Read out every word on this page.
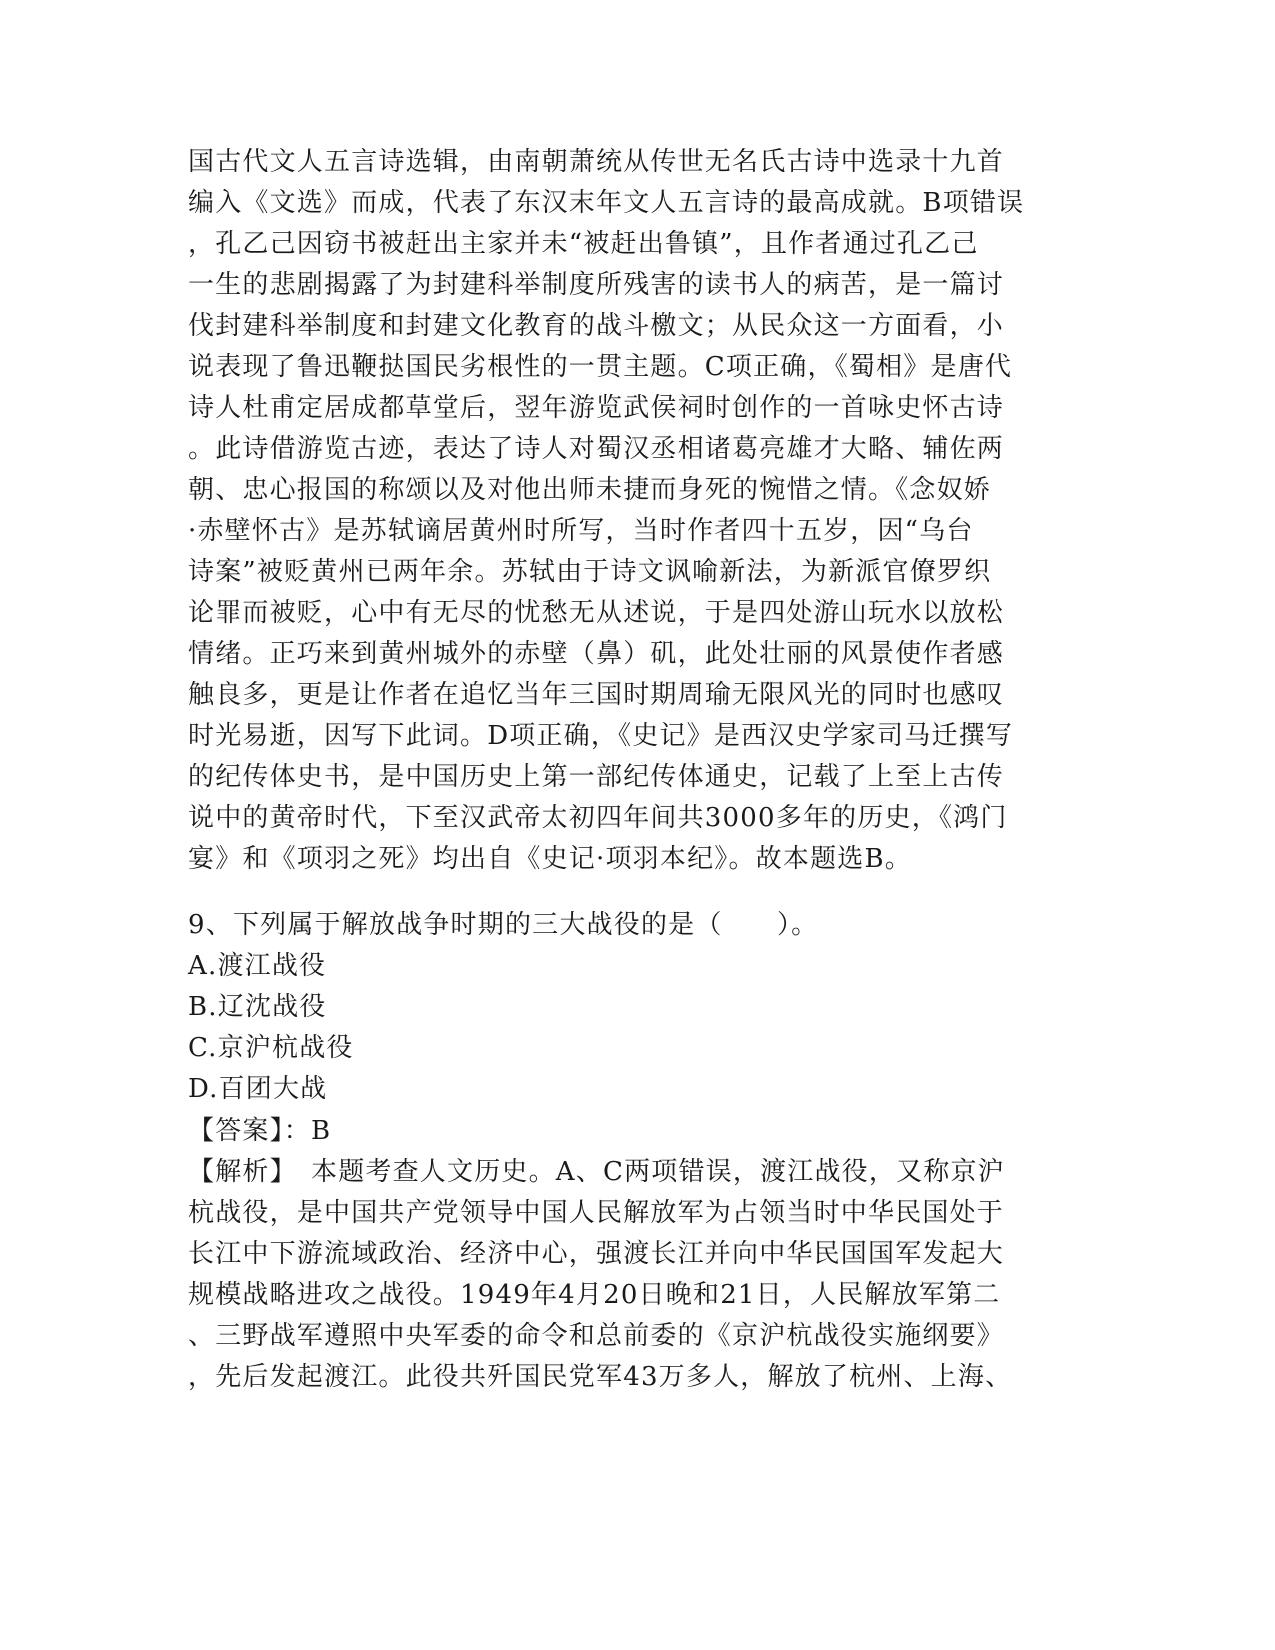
国古代文人五言诗选辑，由南朝萧统从传世无名氏古诗中选录十九首
编入《文选》而成，代表了东汉末年文人五言诗的最高成就。B项错误
，孔乙己因窃书被赶出主家并未“被赶出鲁镇”，且作者通过孔乙己
一生的悲剧揭露了为封建科举制度所残害的读书人的病苦，是一篇讨
伐封建科举制度和封建文化教育的战斗檄文；从民众这一方面看，小
说表现了鲁迅鞭挞国民劣根性的一贯主题。C项正确，《蜀相》是唐代
诗人杜甫定居成都草堂后，翌年游览武侯祠时创作的一首咏史怀古诗
。此诗借游览古迹，表达了诗人对蜀汉丞相诸葛亮雄才大略、辅佐两
朝、忠心报国的称颂以及对他出师未捷而身死的惋惜之情。《念奴娇
·赤壁怀古》是苏轼谪居黄州时所写，当时作者四十五岁，因“乌台
诗案”被贬黄州已两年余。苏轼由于诗文讽喻新法，为新派官僚罗织
论罪而被贬，心中有无尽的忧愁无从述说，于是四处游山玩水以放松
情绪。正巧来到黄州城外的赤壁（鼻）矶，此处壮丽的风景使作者感
触良多，更是让作者在追忆当年三国时期周瑜无限风光的同时也感叹
时光易逝，因写下此词。D项正确，《史记》是西汉史学家司马迁撰写
的纪传体史书，是中国历史上第一部纪传体通史，记载了上至上古传
说中的黄帝时代，下至汉武帝太初四年间共3000多年的历史，《鸿门
宴》和《项羽之死》均出自《史记·项羽本纪》。故本题选B。
9、下列属于解放战争时期的三大战役的是（　　）。
A.渡江战役
B.辽沈战役
C.京沪杭战役
D.百团大战
【答案】：B
【解析】　本题考查人文历史。A、C两项错误，渡江战役，又称京沪
杭战役，是中国共产党领导中国人民解放军为占领当时中华民国处于
长江中下游流域政治、经济中心，强渡长江并向中华民国国军发起大
规模战略进攻之战役。1949年4月20日晚和21日，人民解放军第二
、三野战军遵照中央军委的命令和总前委的《京沪杭战役实施纲要》
，先后发起渡江。此役共歼国民党军43万多人，解放了杭州、上海、
